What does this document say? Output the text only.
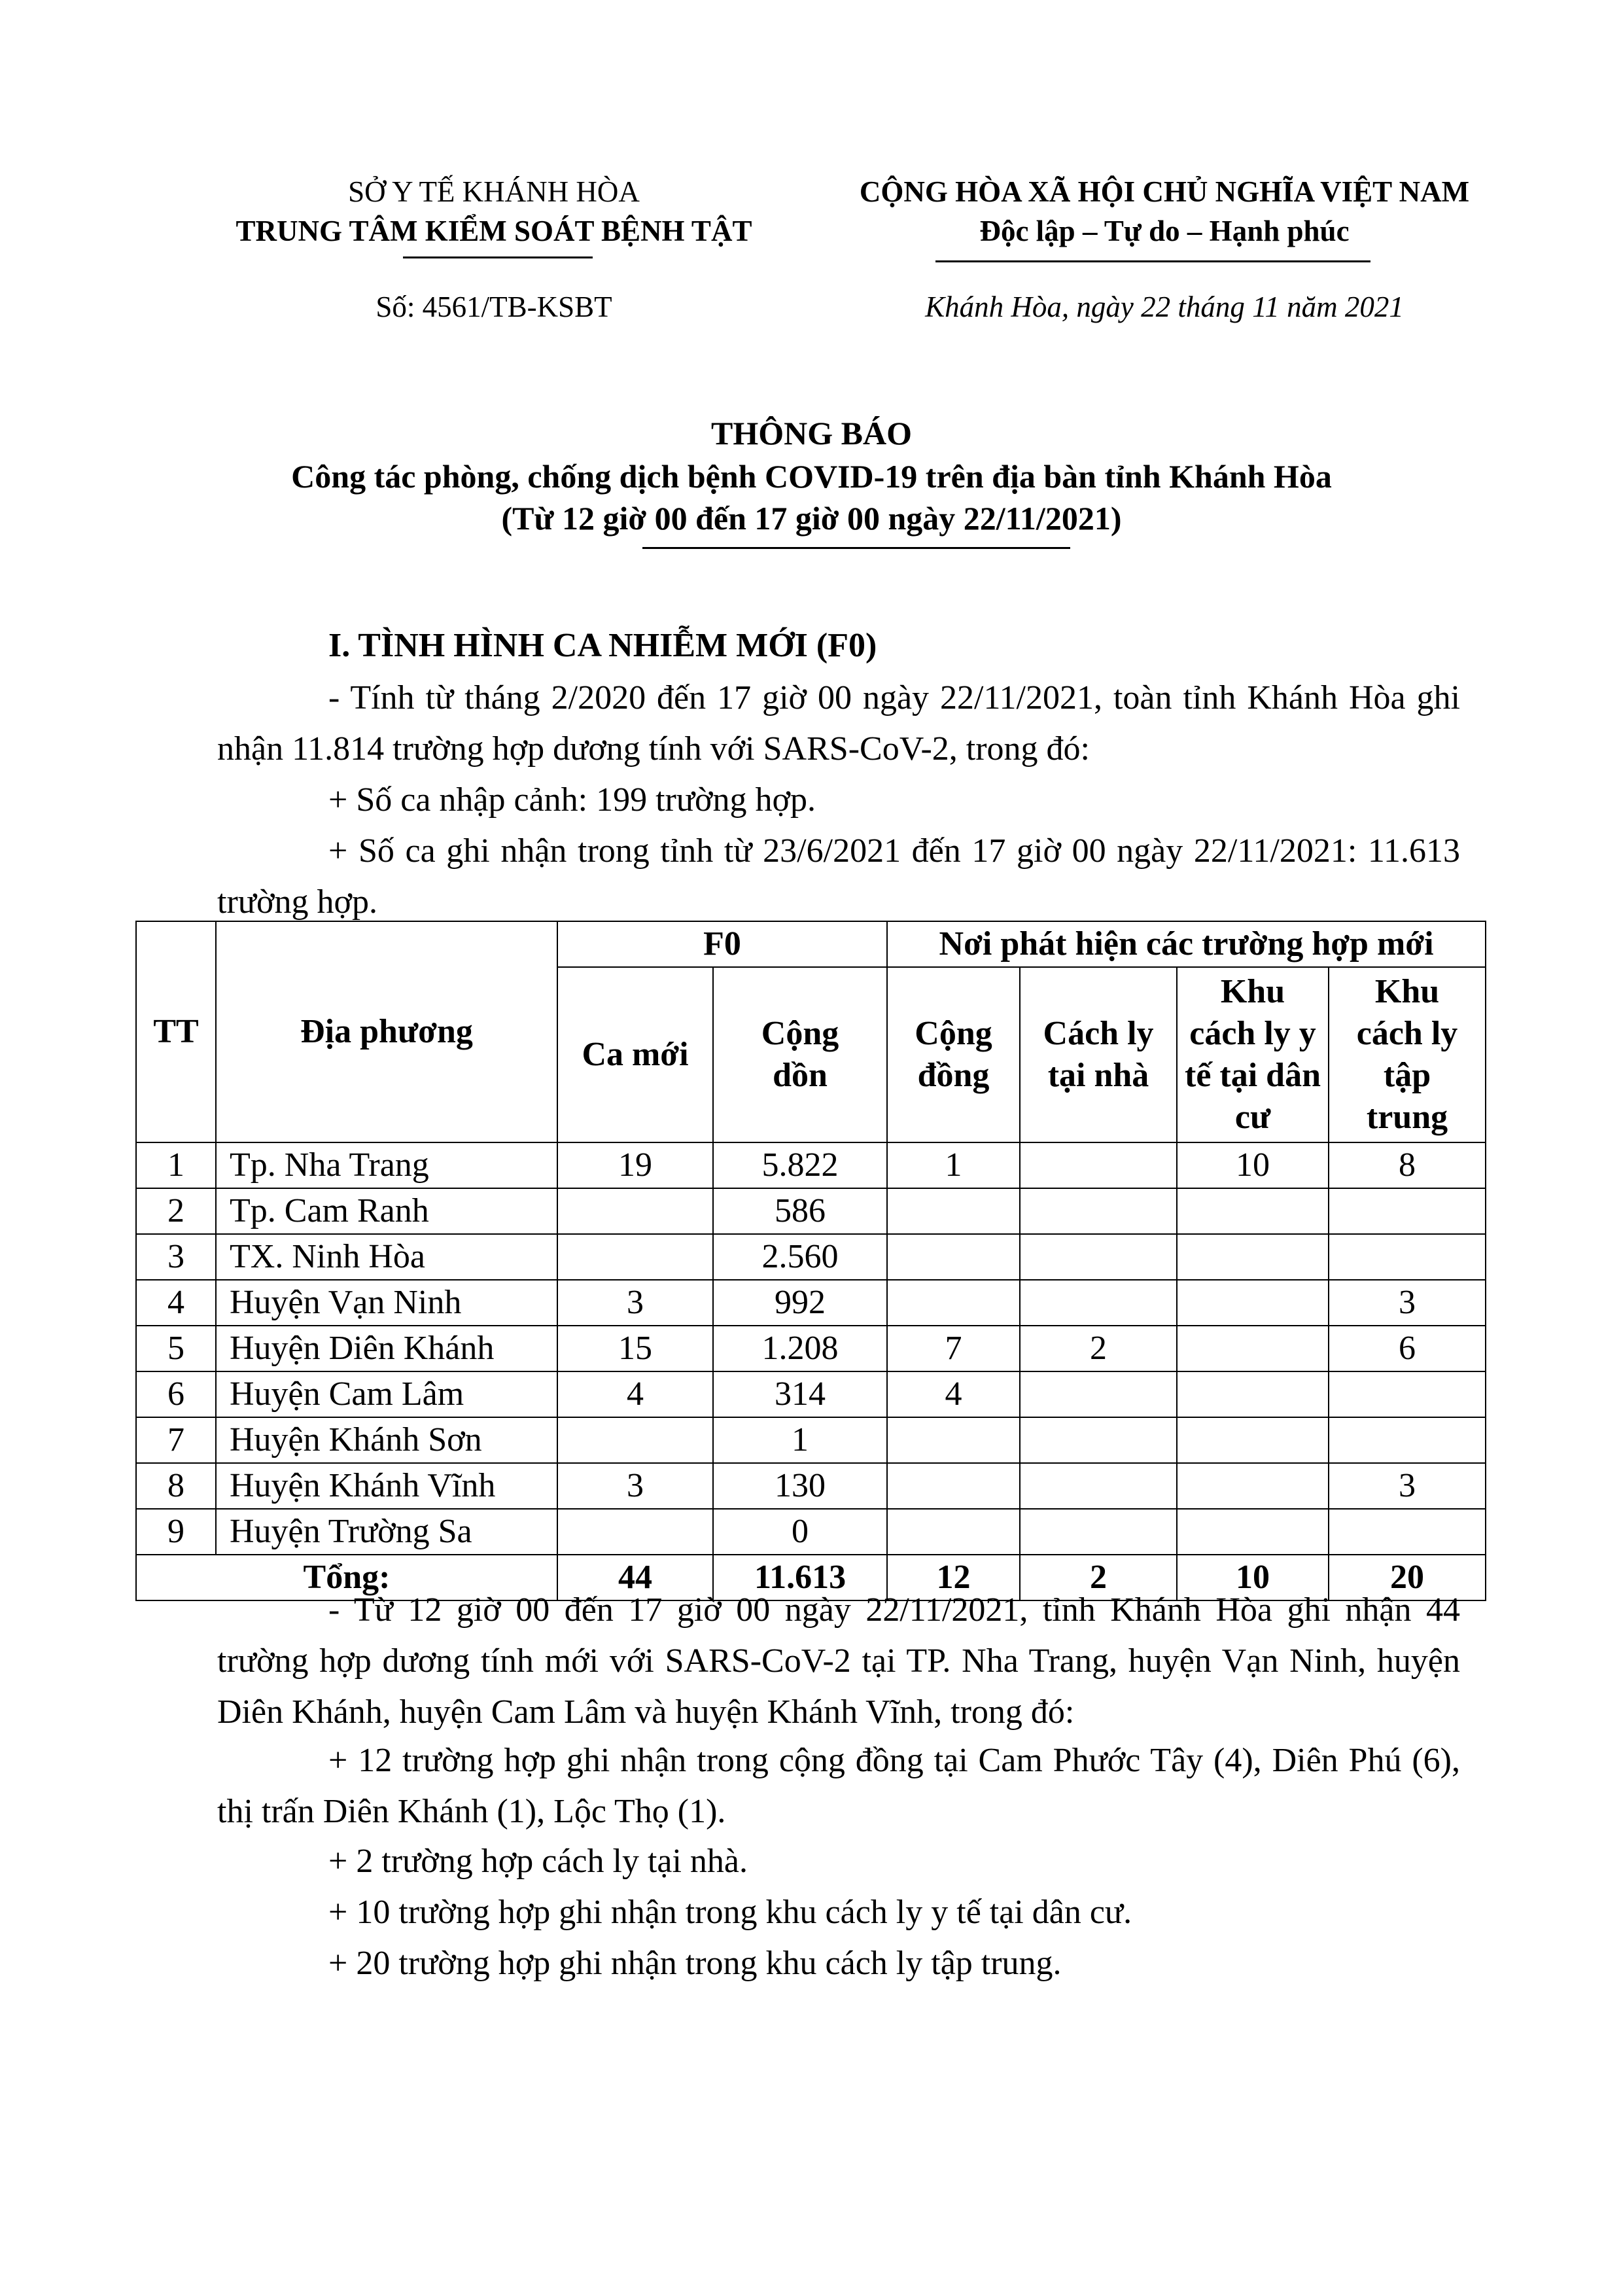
SỞ Y TẾ KHÁNH HÒA
TRUNG TÂM KIỂM SOÁT BỆNH TẬT
CỘNG HÒA XÃ HỘI CHỦ NGHĨA VIỆT NAM
Độc lập – Tự do – Hạnh phúc
Số: 4561/TB-KSBT	Khánh Hòa, ngày 22 tháng 11 năm 2021
THÔNG BÁO
Công tác phòng, chống dịch bệnh COVID-19 trên địa bàn tỉnh Khánh Hòa
(Từ 12 giờ 00 đến 17 giờ 00 ngày 22/11/2021)
I. TÌNH HÌNH CA NHIỄM MỚI (F0)

- Tính từ tháng 2/2020 đến 17 giờ 00 ngày 22/11/2021, toàn tỉnh Khánh Hòa ghi nhận 11.814 trường hợp dương tính với SARS-CoV-2, trong đó:

+ Số ca nhập cảnh: 199 trường hợp.

+ Số ca ghi nhận trong tỉnh từ 23/6/2021 đến 17 giờ 00 ngày 22/11/2021: 11.613 trường hợp.

TT	Địa phương	F0		Nơi phát hiện các trường hợp mới			
		Ca mới	Cộng dồn	Cộng đồng	Cách ly tại nhà	Khu cách ly y tế tại dân cư	Khu cách ly tập trung
1	Tp. Nha Trang	19	5.822	1		10	8
2	Tp. Cam Ranh		586				
3	TX. Ninh Hòa		2.560				
4	Huyện Vạn Ninh	3	992				3
5	Huyện Diên Khánh	15	1.208	7	2		6
6	Huyện Cam Lâm	4	314	4			
7	Huyện Khánh Sơn		1				
8	Huyện Khánh Vĩnh	3	130				3
9	Huyện Trường Sa		0				
Tổng:		44	11.613	12	2	10	20

- Từ 12 giờ 00 đến 17 giờ 00 ngày 22/11/2021, tỉnh Khánh Hòa ghi nhận 44 trường hợp dương tính mới với SARS-CoV-2 tại TP. Nha Trang, huyện Vạn Ninh, huyện Diên Khánh, huyện Cam Lâm và huyện Khánh Vĩnh, trong đó:

+ 12 trường hợp ghi nhận trong cộng đồng tại Cam Phước Tây (4), Diên Phú (6), thị trấn Diên Khánh (1), Lộc Thọ (1).

+ 2 trường hợp cách ly tại nhà.
+ 10 trường hợp ghi nhận trong khu cách ly y tế tại dân cư.
+ 20 trường hợp ghi nhận trong khu cách ly tập trung.
